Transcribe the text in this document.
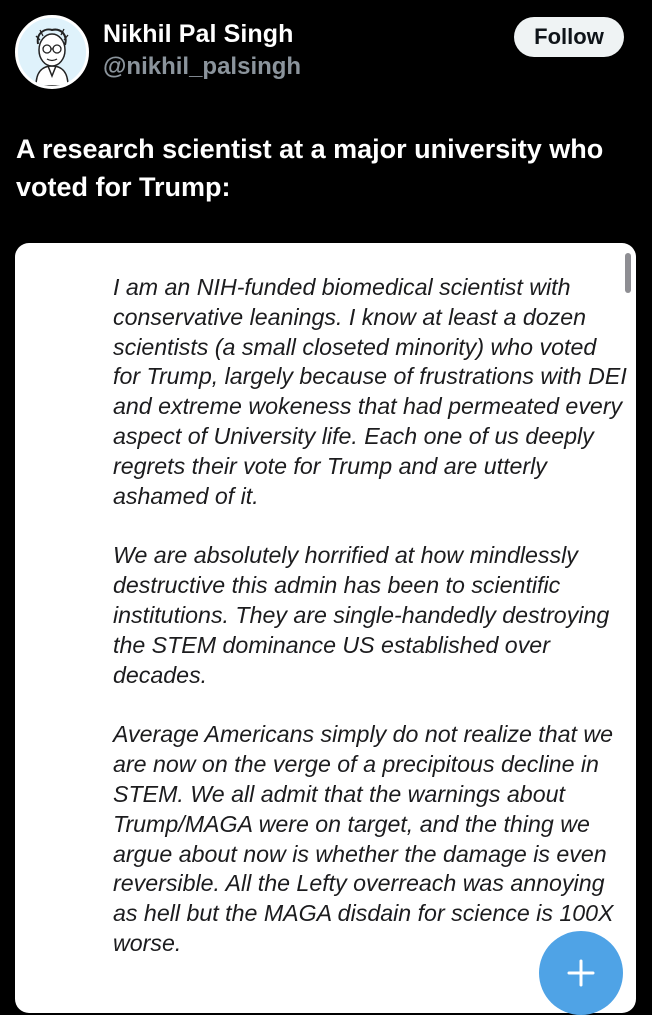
Nikhil Pal Singh
@nikhil_palsingh
Follow
A research scientist at a major university who voted for Trump:

I am an NIH-funded biomedical scientist with conservative leanings. I know at least a dozen scientists (a small closeted minority) who voted for Trump, largely because of frustrations with DEI and extreme wokeness that had permeated every aspect of University life. Each one of us deeply regrets their vote for Trump and are utterly ashamed of it.

We are absolutely horrified at how mindlessly destructive this admin has been to scientific institutions. They are single-handedly destroying the STEM dominance US established over decades.

Average Americans simply do not realize that we are now on the verge of a precipitous decline in STEM. We all admit that the warnings about Trump/MAGA were on target, and the thing we argue about now is whether the damage is even reversible. All the Lefty overreach was annoying as hell but the MAGA disdain for science is 100X worse.
